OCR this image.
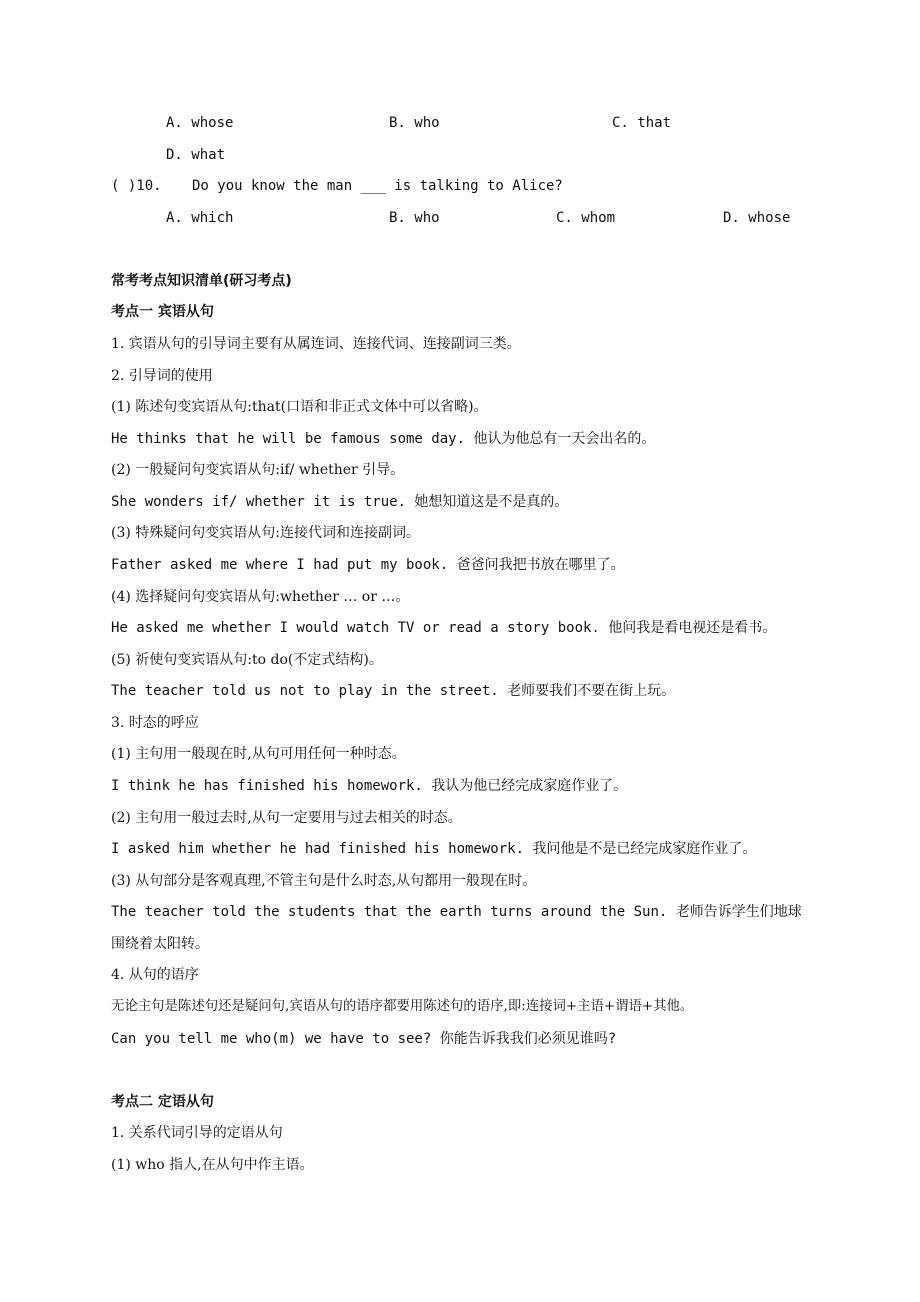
A. whose	B. who	C. that
D. what
( )10. Do you know the man ___ is talking to Alice?
A. which	B. who	C. whom	D. whose
常考考点知识清单(研习考点)
考点一 宾语从句
1. 宾语从句的引导词主要有从属连词、连接代词、连接副词三类。
2. 引导词的使用
(1) 陈述句变宾语从句:that(口语和非正式文体中可以省略)。
He thinks that he will be famous some day. 他认为他总有一天会出名的。
(2) 一般疑问句变宾语从句:if/ whether 引导。
She wonders if/ whether it is true. 她想知道这是不是真的。
(3) 特殊疑问句变宾语从句:连接代词和连接副词。
Father asked me where I had put my book. 爸爸问我把书放在哪里了。
(4) 选择疑问句变宾语从句:whether … or …。
He asked me whether I would watch TV or read a story book. 他问我是看电视还是看书。
(5) 祈使句变宾语从句:to do(不定式结构)。
The teacher told us not to play in the street. 老师要我们不要在街上玩。
3. 时态的呼应
(1) 主句用一般现在时,从句可用任何一种时态。
I think he has finished his homework. 我认为他已经完成家庭作业了。
(2) 主句用一般过去时,从句一定要用与过去相关的时态。
I asked him whether he had finished his homework. 我问他是不是已经完成家庭作业了。
(3) 从句部分是客观真理,不管主句是什么时态,从句都用一般现在时。
The teacher told the students that the earth turns around the Sun. 老师告诉学生们地球
围绕着太阳转。
4. 从句的语序
无论主句是陈述句还是疑问句,宾语从句的语序都要用陈述句的语序,即:连接词+主语+谓语+其他。
Can you tell me who(m) we have to see? 你能告诉我我们必须见谁吗?
考点二 定语从句
1. 关系代词引导的定语从句
(1) who 指人,在从句中作主语。
